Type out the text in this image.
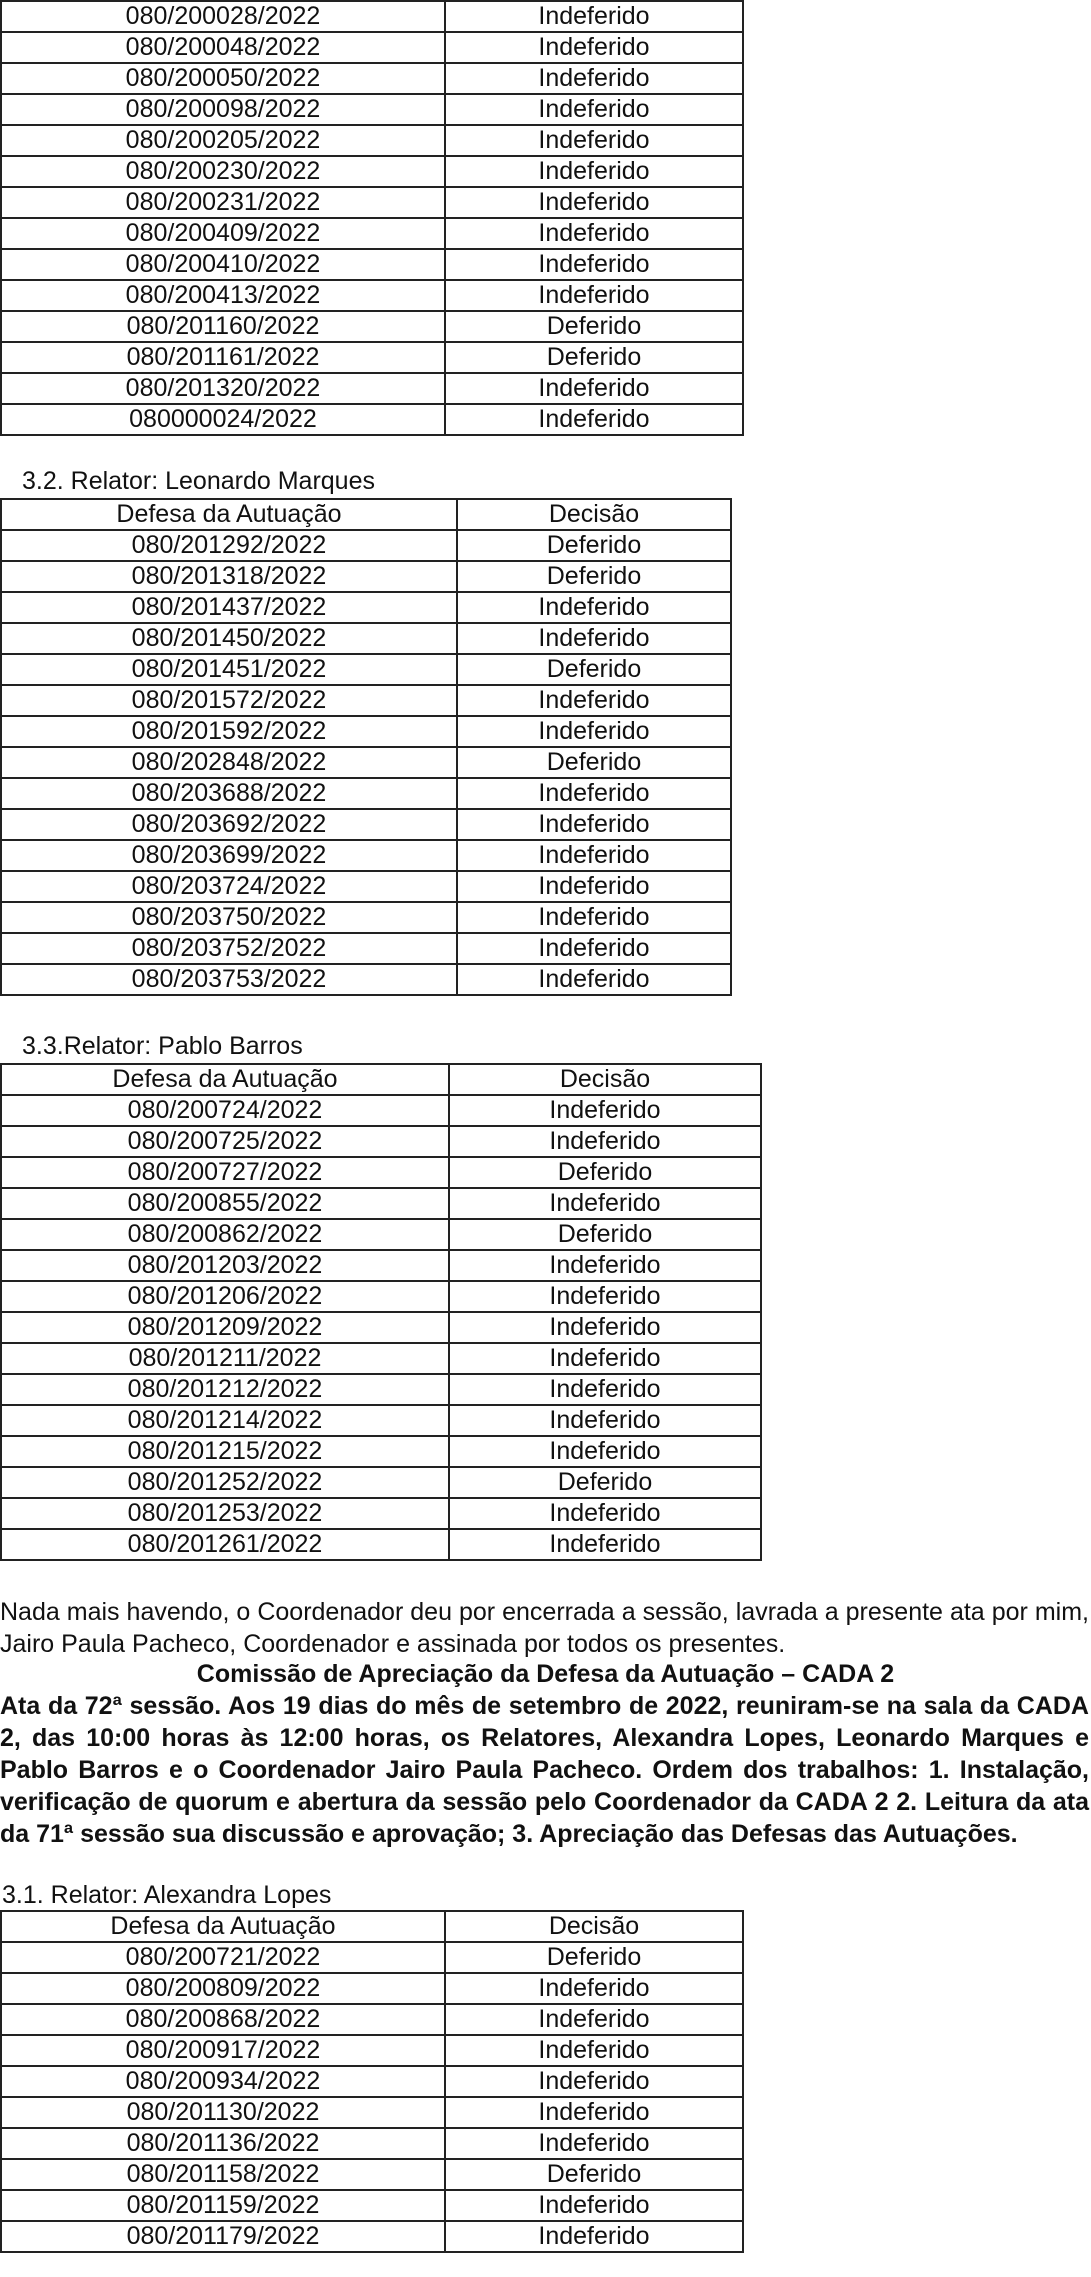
080/200028/2022	Indeferido
080/200048/2022	Indeferido
080/200050/2022	Indeferido
080/200098/2022	Indeferido
080/200205/2022	Indeferido
080/200230/2022	Indeferido
080/200231/2022	Indeferido
080/200409/2022	Indeferido
080/200410/2022	Indeferido
080/200413/2022	Indeferido
080/201160/2022	Deferido
080/201161/2022	Deferido
080/201320/2022	Indeferido
080000024/2022	Indeferido
3.2. Relator: Leonardo Marques
Defesa da Autuação	Decisão
080/201292/2022	Deferido
080/201318/2022	Deferido
080/201437/2022	Indeferido
080/201450/2022	Indeferido
080/201451/2022	Deferido
080/201572/2022	Indeferido
080/201592/2022	Indeferido
080/202848/2022	Deferido
080/203688/2022	Indeferido
080/203692/2022	Indeferido
080/203699/2022	Indeferido
080/203724/2022	Indeferido
080/203750/2022	Indeferido
080/203752/2022	Indeferido
080/203753/2022	Indeferido
3.3.Relator: Pablo Barros
Defesa da Autuação	Decisão
080/200724/2022	Indeferido
080/200725/2022	Indeferido
080/200727/2022	Deferido
080/200855/2022	Indeferido
080/200862/2022	Deferido
080/201203/2022	Indeferido
080/201206/2022	Indeferido
080/201209/2022	Indeferido
080/201211/2022	Indeferido
080/201212/2022	Indeferido
080/201214/2022	Indeferido
080/201215/2022	Indeferido
080/201252/2022	Deferido
080/201253/2022	Indeferido
080/201261/2022	Indeferido
Nada mais havendo, o Coordenador deu por encerrada a sessão, lavrada a presente ata por mim, Jairo Paula Pacheco, Coordenador e assinada por todos os presentes.
Comissão de Apreciação da Defesa da Autuação – CADA 2
Ata da 72ª sessão. Aos 19 dias do mês de setembro de 2022, reuniram-se na sala da CADA 2, das 10:00 horas às 12:00 horas, os Relatores, Alexandra Lopes, Leonardo Marques e Pablo Barros e o Coordenador Jairo Paula Pacheco. Ordem dos trabalhos: 1. Instalação, verificação de quorum e abertura da sessão pelo Coordenador da CADA 2 2. Leitura da ata da 71ª sessão sua discussão e aprovação; 3. Apreciação das Defesas das Autuações.
3.1. Relator: Alexandra Lopes
Defesa da Autuação	Decisão
080/200721/2022	Deferido
080/200809/2022	Indeferido
080/200868/2022	Indeferido
080/200917/2022	Indeferido
080/200934/2022	Indeferido
080/201130/2022	Indeferido
080/201136/2022	Indeferido
080/201158/2022	Deferido
080/201159/2022	Indeferido
080/201179/2022	Indeferido
